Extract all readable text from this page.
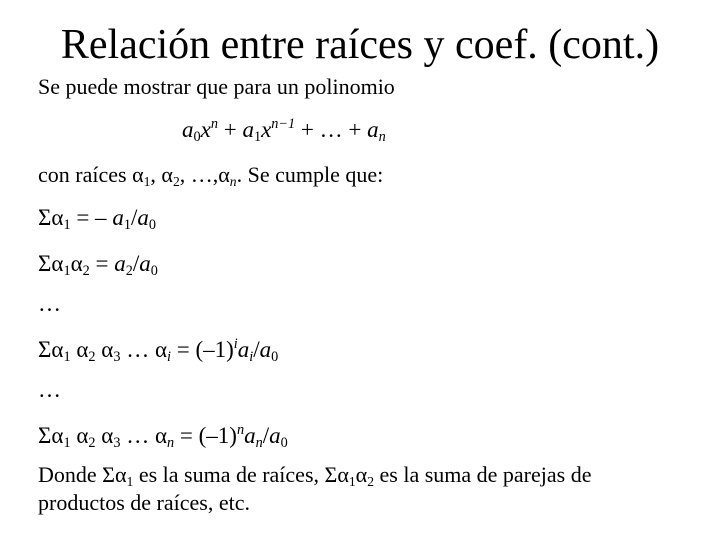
Relación entre raíces y coef. (cont.)
Se puede mostrar que para un polinomio
$a_0x^n + a_1x^{n-1}$ + … + $a_n$
con raíces $\alpha_1$, $\alpha_2$, $\dots,\alpha_n$. Se cumple que:
$\Sigma\alpha_1$ = – $a_1/a_0$
$\Sigma\alpha_1\alpha_2 = a_2/a_0$
…
$\Sigma\alpha_1$ $\alpha_2$ $\alpha_3$ … $\alpha_i = (-1)^ia_i/a_0$
…
$\Sigma\alpha_1$ $\alpha_2$ $\alpha_3$ … $\alpha_n = (-1)^na_n/a_0$
Donde $\Sigma\alpha_1$ es la suma de raíces, $\Sigma\alpha_1\alpha_2$ es la suma de parejas de
productos de raíces, etc.
